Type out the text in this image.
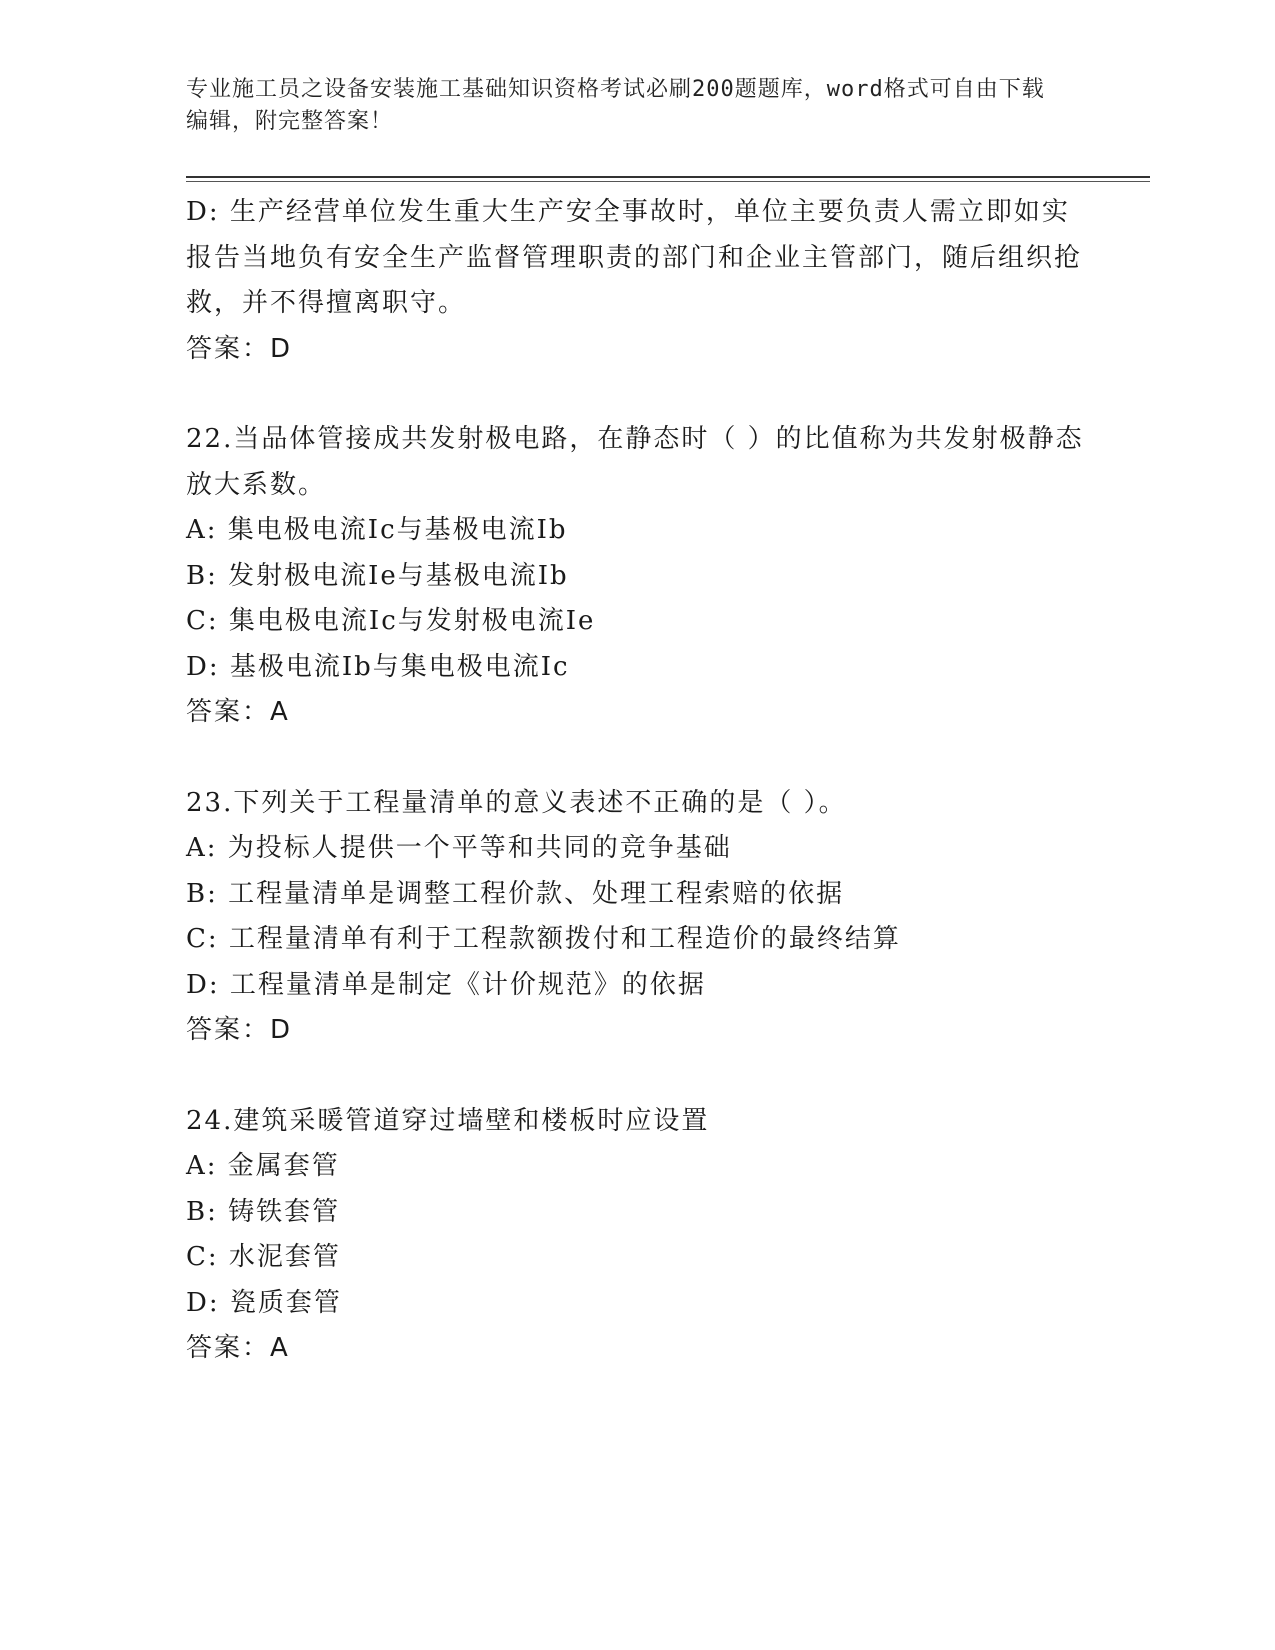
专业施工员之设备安装施工基础知识资格考试必刷200题题库，word格式可自由下载编辑，附完整答案！

D: 生产经营单位发生重大生产安全事故时，单位主要负责人需立即如实报告当地负有安全生产监督管理职责的部门和企业主管部门，随后组织抢救，并不得擅离职守。

答案：D

22.当品体管接成共发射极电路，在静态时（ ）的比值称为共发射极静态放大系数。

A: 集电极电流Ic与基极电流Ib

B: 发射极电流Ie与基极电流Ib

C: 集电极电流Ic与发射极电流Ie

D: 基极电流Ib与集电极电流Ic

答案：A

23.下列关于工程量清单的意义表述不正确的是（ ）。

A: 为投标人提供一个平等和共同的竞争基础

B: 工程量清单是调整工程价款、处理工程索赔的依据

C: 工程量清单有利于工程款额拨付和工程造价的最终结算

D: 工程量清单是制定《计价规范》的依据

答案：D

24.建筑采暖管道穿过墙壁和楼板时应设置

A: 金属套管

B: 铸铁套管

C: 水泥套管

D: 瓷质套管

答案：A
